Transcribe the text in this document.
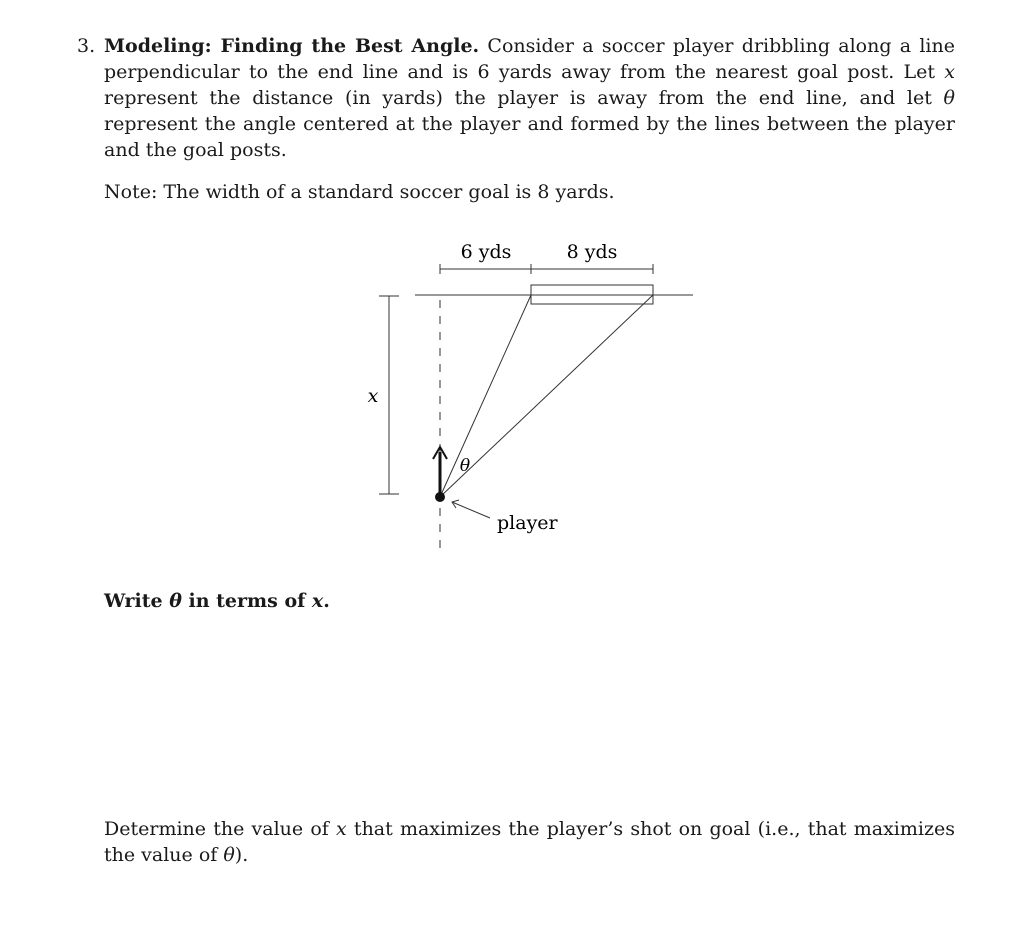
3. Modeling: Finding the Best Angle. Consider a soccer player dribbling along a line perpendicular to the end line and is 6 yards away from the nearest goal post. Let x represent the distance (in yards) the player is away from the end line, and let θ represent the angle centered at the player and formed by the lines between the player and the goal posts.
Note: The width of a standard soccer goal is 8 yards.
6 yds	8 yds
x
θ
player
Write θ in terms of x.
Determine the value of x that maximizes the player’s shot on goal (i.e., that maximizes the value of θ).
